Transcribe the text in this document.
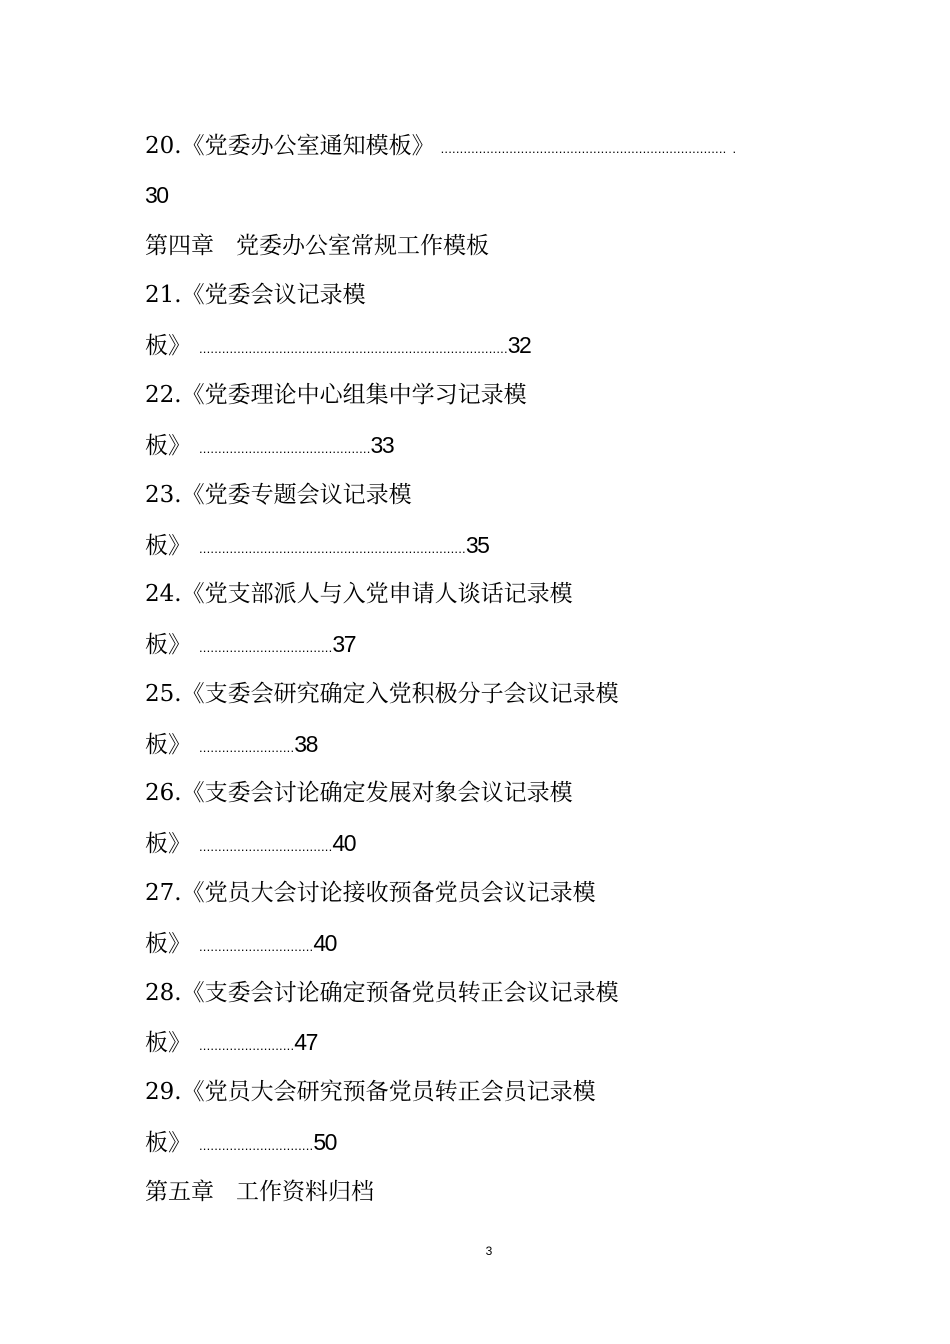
20.《党委办公室通知模板》 ........................................................................... .
30
第四章 党委办公室常规工作模板
21.《党委会议记录模
板》 .................................................................................32
22.《党委理论中心组集中学习记录模
板》 .............................................33
23.《党委专题会议记录模
板》 ......................................................................35
24.《党支部派人与入党申请人谈话记录模
板》 ...................................37
25.《支委会研究确定入党积极分子会议记录模
板》 .........................38
26.《支委会讨论确定发展对象会议记录模
板》 ...................................40
27.《党员大会讨论接收预备党员会议记录模
板》 ..............................40
28.《支委会讨论确定预备党员转正会议记录模
板》 .........................47
29.《党员大会研究预备党员转正会员记录模
板》 ..............................50
第五章 工作资料归档
3
